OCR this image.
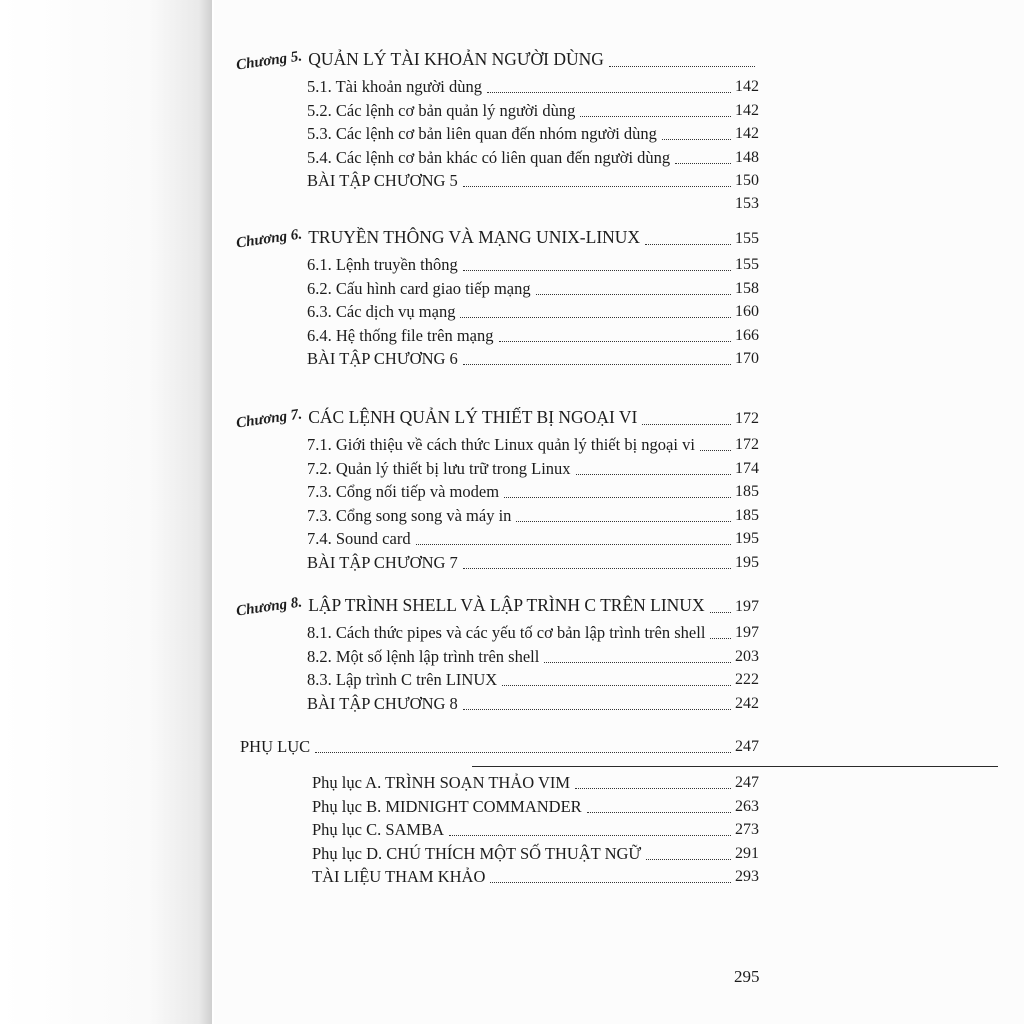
Chương 5. QUẢN LÝ TÀI KHOẢN NGƯỜI DÙNG
5.1. Tài khoản người dùng	142
5.2. Các lệnh cơ bản quản lý người dùng	142
5.3. Các lệnh cơ bản liên quan đến nhóm người dùng	142
5.4. Các lệnh cơ bản khác có liên quan đến người dùng	148
BÀI TẬP CHƯƠNG 5	150
153
Chương 6. TRUYỀN THÔNG VÀ MẠNG UNIX-LINUX	155
6.1. Lệnh truyền thông	155
6.2. Cấu hình card giao tiếp mạng	158
6.3. Các dịch vụ mạng	160
6.4. Hệ thống file trên mạng	166
BÀI TẬP CHƯƠNG 6	170
Chương 7. CÁC LỆNH QUẢN LÝ THIẾT BỊ NGOẠI VI	172
7.1. Giới thiệu về cách thức Linux quản lý thiết bị ngoại vi	172
7.2. Quản lý thiết bị lưu trữ trong Linux	174
7.3. Cổng nối tiếp và modem	185
7.3. Cổng song song và máy in	185
7.4. Sound card	195
BÀI TẬP CHƯƠNG 7	195
Chương 8. LẬP TRÌNH SHELL VÀ LẬP TRÌNH C TRÊN LINUX 197
8.1. Cách thức pipes và các yếu tố cơ bản lập trình trên shell 197
8.2. Một số lệnh lập trình trên shell	203
8.3. Lập trình C trên LINUX	222
BÀI TẬP CHƯƠNG 8	242
PHỤ LỤC	247
Phụ lục A. TRÌNH SOẠN THẢO VIM	247
Phụ lục B. MIDNIGHT COMMANDER	263
Phụ lục C. SAMBA	273
Phụ lục D. CHÚ THÍCH MỘT SỐ THUẬT NGỮ	291
TÀI LIỆU THAM KHẢO	293
295
